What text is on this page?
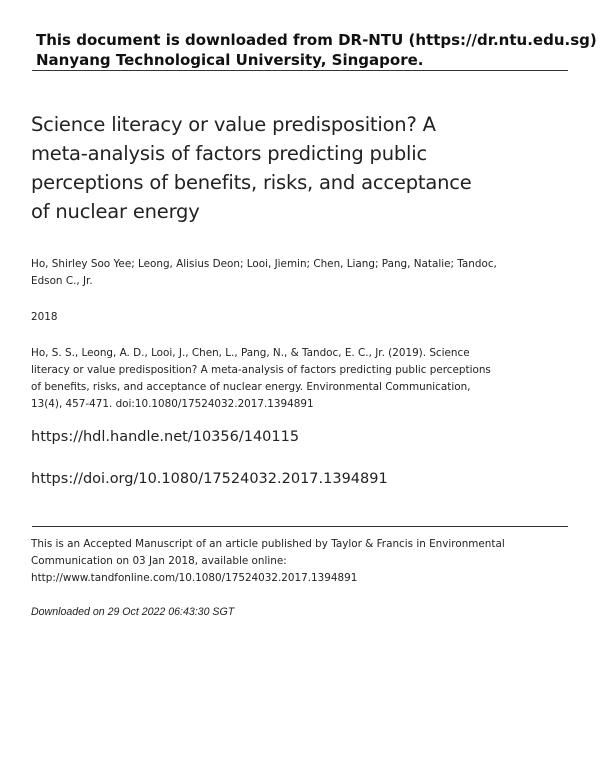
This document is downloaded from DR-NTU (https://dr.ntu.edu.sg)
Nanyang Technological University, Singapore.
Science literacy or value predisposition? A meta-analysis of factors predicting public perceptions of benefits, risks, and acceptance of nuclear energy
Ho, Shirley Soo Yee; Leong, Alisius Deon; Looi, Jiemin; Chen, Liang; Pang, Natalie; Tandoc, Edson C., Jr.
2018
Ho, S. S., Leong, A. D., Looi, J., Chen, L., Pang, N., & Tandoc, E. C., Jr. (2019). Science literacy or value predisposition? A meta-analysis of factors predicting public perceptions of benefits, risks, and acceptance of nuclear energy. Environmental Communication, 13(4), 457-471. doi:10.1080/17524032.2017.1394891
https://hdl.handle.net/10356/140115
https://doi.org/10.1080/17524032.2017.1394891
This is an Accepted Manuscript of an article published by Taylor & Francis in Environmental Communication on 03 Jan 2018, available online: http://www.tandfonline.com/10.1080/17524032.2017.1394891
Downloaded on 29 Oct 2022 06:43:30 SGT
